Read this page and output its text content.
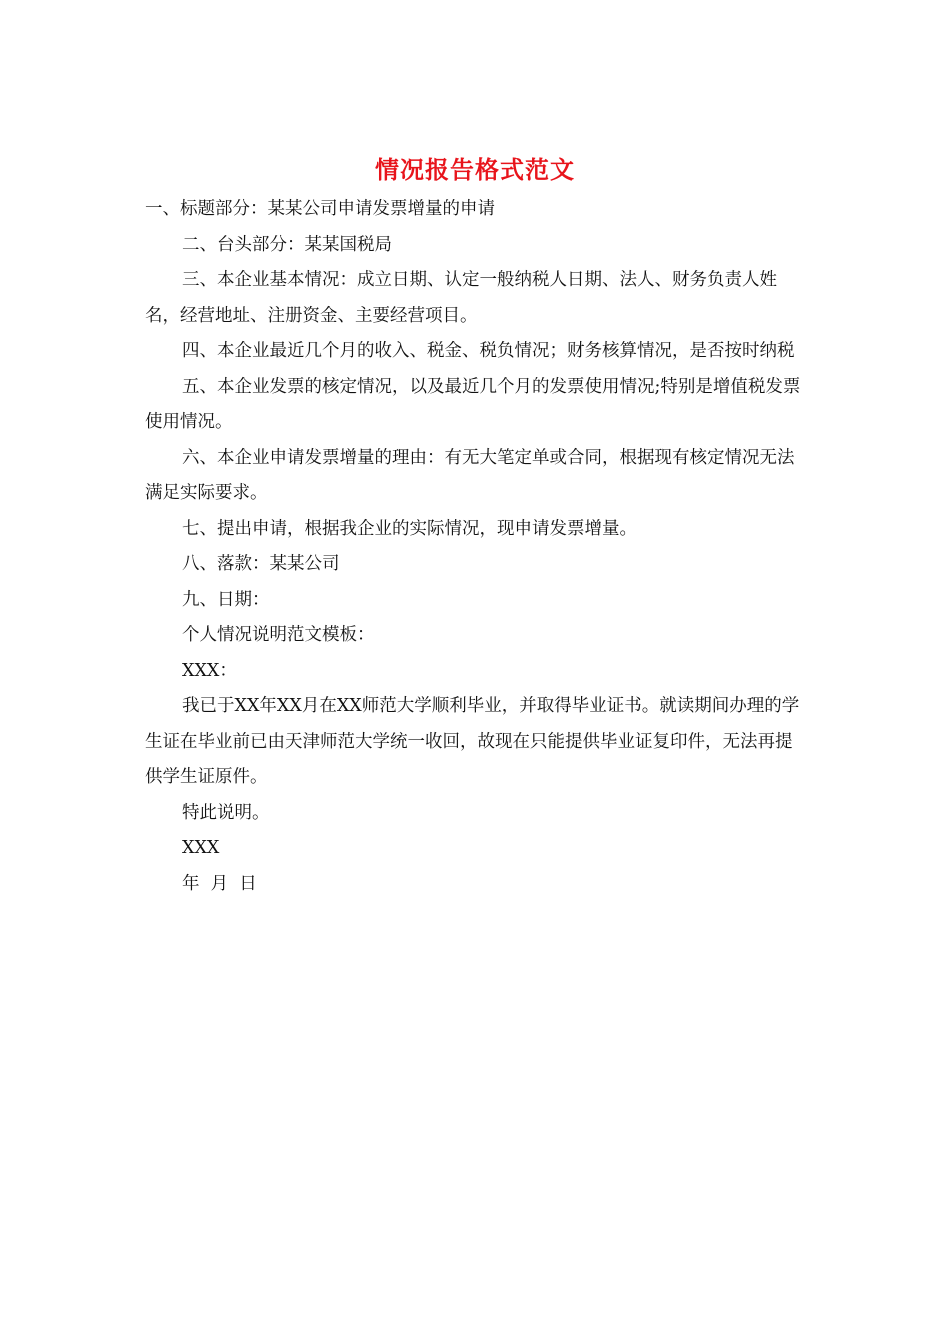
情况报告格式范文

一、标题部分：某某公司申请发票增量的申请

二、台头部分：某某国税局

三、本企业基本情况：成立日期、认定一般纳税人日期、法人、财务负责人姓名，经营地址、注册资金、主要经营项目。

四、本企业最近几个月的收入、税金、税负情况；财务核算情况，是否按时纳税

五、本企业发票的核定情况，以及最近几个月的发票使用情况;特别是增值税发票使用情况。

六、本企业申请发票增量的理由：有无大笔定单或合同，根据现有核定情况无法满足实际要求。

七、提出申请，根据我企业的实际情况，现申请发票增量。

八、落款：某某公司

九、日期：

个人情况说明范文模板：

XXX：

我已于XX年XX月在XX师范大学顺利毕业，并取得毕业证书。就读期间办理的学生证在毕业前已由天津师范大学统一收回，故现在只能提供毕业证复印件，无法再提供学生证原件。

特此说明。

XXX

年  月  日
